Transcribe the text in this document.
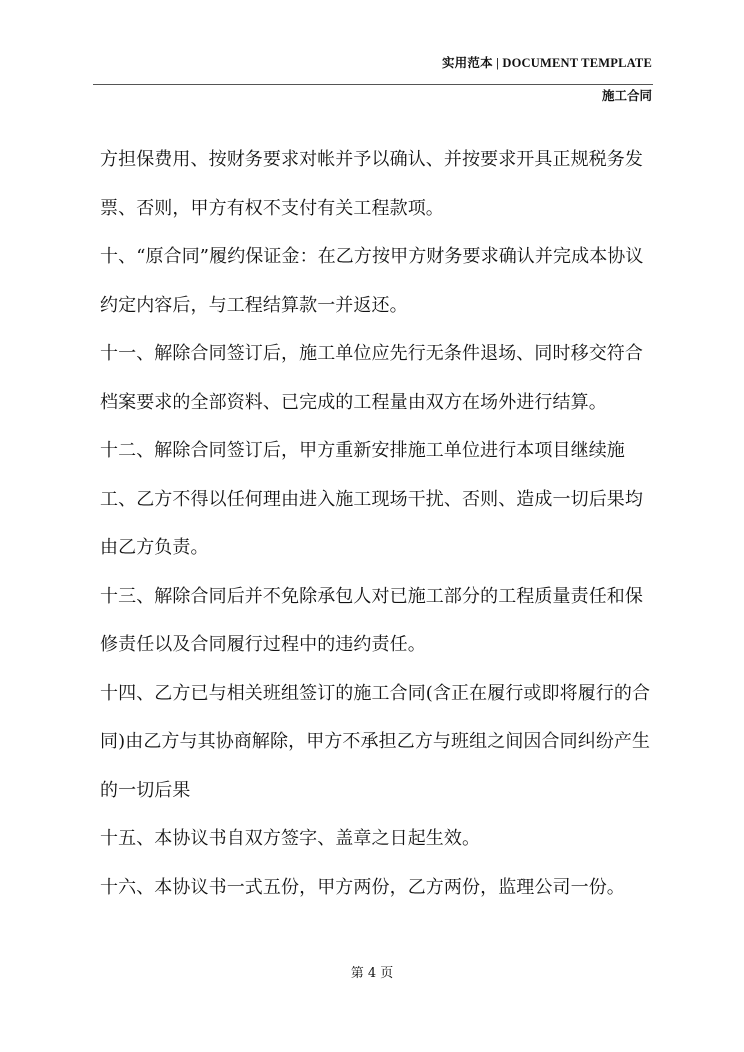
实用范本 | DOCUMENT TEMPLATE
施工合同

方担保费用、按财务要求对帐并予以确认、并按要求开具正规税务发票、否则，甲方有权不支付有关工程款项。

十、“原合同”履约保证金：在乙方按甲方财务要求确认并完成本协议约定内容后，与工程结算款一并返还。

十一、解除合同签订后，施工单位应先行无条件退场、同时移交符合档案要求的全部资料、已完成的工程量由双方在场外进行结算。

十二、解除合同签订后，甲方重新安排施工单位进行本项目继续施工、乙方不得以任何理由进入施工现场干扰、否则、造成一切后果均由乙方负责。

十三、解除合同后并不免除承包人对已施工部分的工程质量责任和保修责任以及合同履行过程中的违约责任。

十四、乙方已与相关班组签订的施工合同(含正在履行或即将履行的合同)由乙方与其协商解除，甲方不承担乙方与班组之间因合同纠纷产生的一切后果

十五、本协议书自双方签字、盖章之日起生效。

十六、本协议书一式五份，甲方两份，乙方两份，监理公司一份。

第 4 页
